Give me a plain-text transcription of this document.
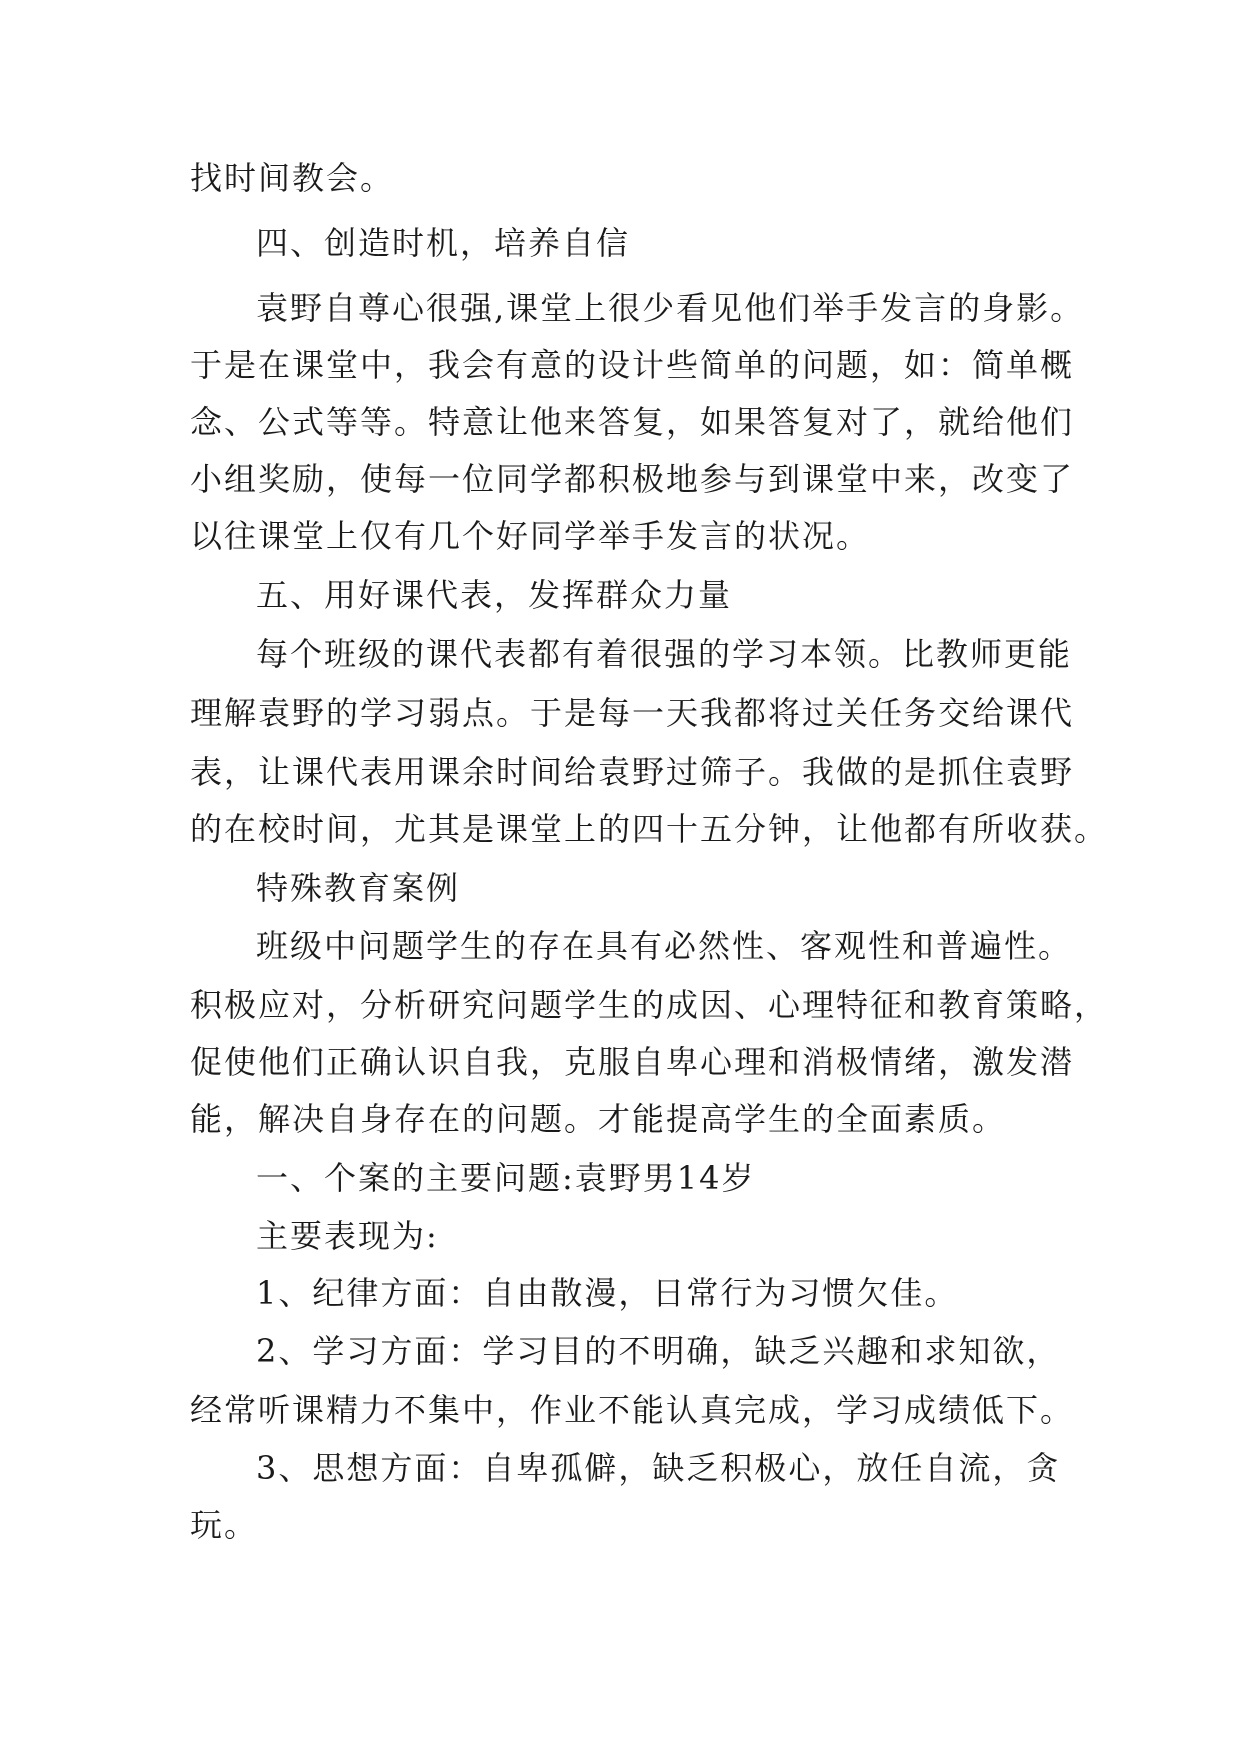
找时间教会。
四、创造时机，培养自信
袁野自尊心很强,课堂上很少看见他们举手发言的身影。
于是在课堂中，我会有意的设计些简单的问题，如：简单概
念、公式等等。特意让他来答复，如果答复对了，就给他们
小组奖励，使每一位同学都积极地参与到课堂中来，改变了
以往课堂上仅有几个好同学举手发言的状况。
五、用好课代表，发挥群众力量
每个班级的课代表都有着很强的学习本领。比教师更能
理解袁野的学习弱点。于是每一天我都将过关任务交给课代
表，让课代表用课余时间给袁野过筛子。我做的是抓住袁野
的在校时间，尤其是课堂上的四十五分钟，让他都有所收获。
特殊教育案例
班级中问题学生的存在具有必然性、客观性和普遍性。
积极应对，分析研究问题学生的成因、心理特征和教育策略，
促使他们正确认识自我，克服自卑心理和消极情绪，激发潜
能，解决自身存在的问题。才能提高学生的全面素质。
一、个案的主要问题:袁野男14岁
主要表现为:
1、纪律方面：自由散漫，日常行为习惯欠佳。
2、学习方面：学习目的不明确，缺乏兴趣和求知欲，
经常听课精力不集中，作业不能认真完成，学习成绩低下。
3、思想方面：自卑孤僻，缺乏积极心，放任自流，贪
玩。
